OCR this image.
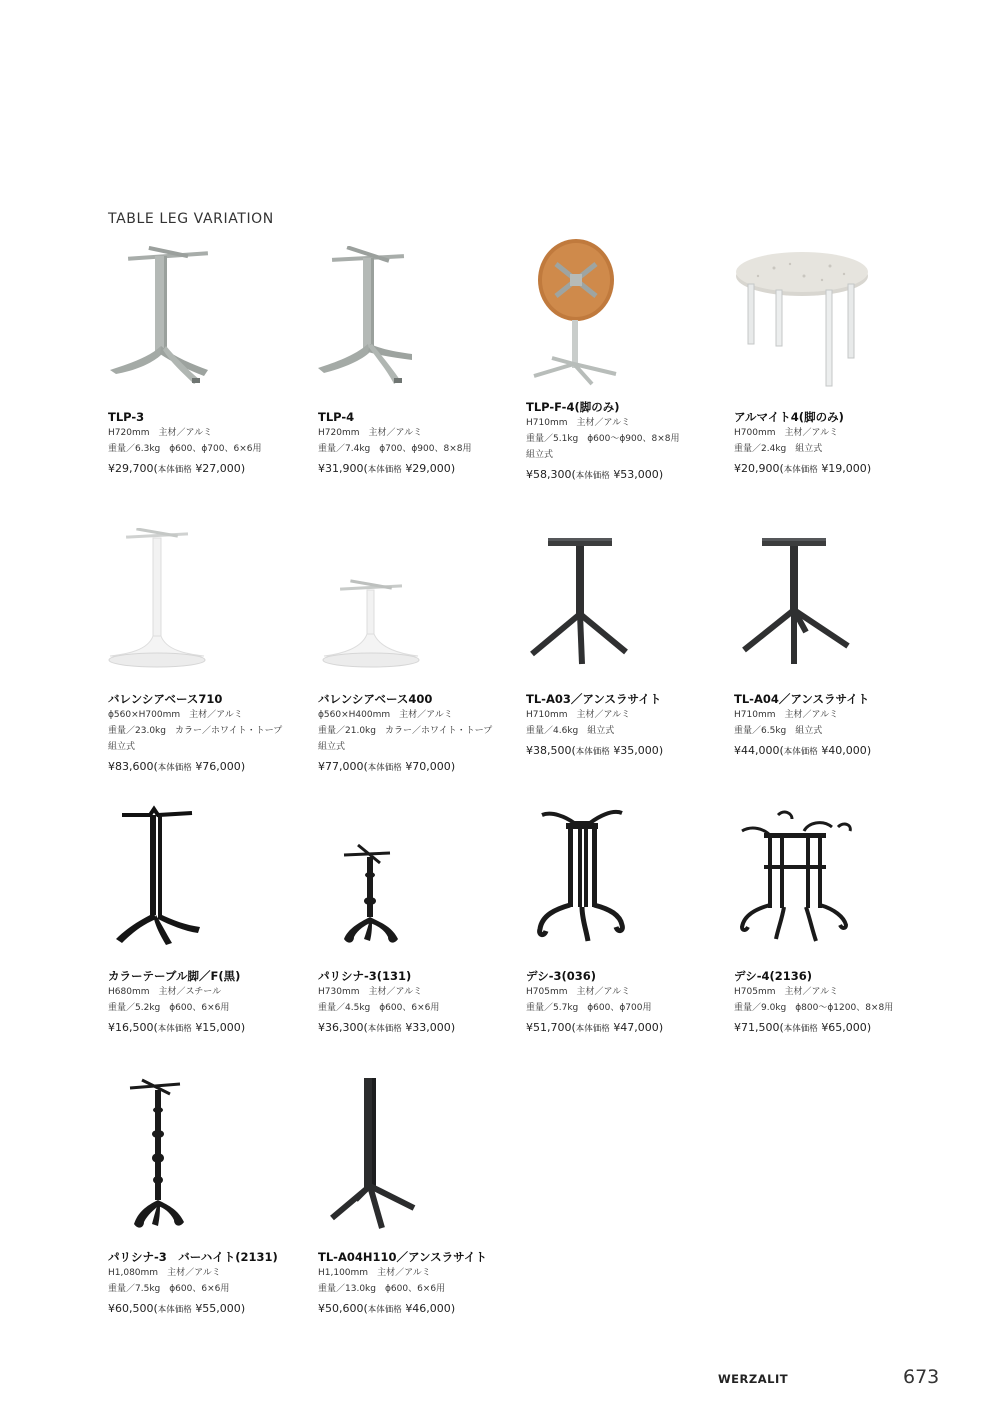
TABLE LEG VARIATION
TLP-3
H720mm　主材／アルミ
重量／6.3kg　ϕ600、ϕ700、6×6用
¥29,700(本体価格 ¥27,000)
TLP-4
H720mm　主材／アルミ
重量／7.4kg　ϕ700、ϕ900、8×8用
¥31,900(本体価格 ¥29,000)
TLP-F-4(脚のみ)
H710mm　主材／アルミ
重量／5.1kg　ϕ600〜ϕ900、8×8用
組立式
¥58,300(本体価格 ¥53,000)
アルマイト4(脚のみ)
H700mm　主材／アルミ
重量／2.4kg　組立式
¥20,900(本体価格 ¥19,000)
バレンシアベース710
ϕ560×H700mm　主材／アルミ
重量／23.0kg　カラー／ホワイト・トープ
組立式
¥83,600(本体価格 ¥76,000)
バレンシアベース400
ϕ560×H400mm　主材／アルミ
重量／21.0kg　カラー／ホワイト・トープ
組立式
¥77,000(本体価格 ¥70,000)
TL-A03／アンスラサイト
H710mm　主材／アルミ
重量／4.6kg　組立式
¥38,500(本体価格 ¥35,000)
TL-A04／アンスラサイト
H710mm　主材／アルミ
重量／6.5kg　組立式
¥44,000(本体価格 ¥40,000)
カラーテーブル脚／F(黒)
H680mm　主材／スチール
重量／5.2kg　ϕ600、6×6用
¥16,500(本体価格 ¥15,000)
パリシナ-3(131)
H730mm　主材／アルミ
重量／4.5kg　ϕ600、6×6用
¥36,300(本体価格 ¥33,000)
デシ-3(036)
H705mm　主材／アルミ
重量／5.7kg　ϕ600、ϕ700用
¥51,700(本体価格 ¥47,000)
デシ-4(2136)
H705mm　主材／アルミ
重量／9.0kg　ϕ800〜ϕ1200、8×8用
¥71,500(本体価格 ¥65,000)
パリシナ-3　バーハイト(2131)
H1,080mm　主材／アルミ
重量／7.5kg　ϕ600、6×6用
¥60,500(本体価格 ¥55,000)
TL-A04H110／アンスラサイト
H1,100mm　主材／アルミ
重量／13.0kg　ϕ600、6×6用
¥50,600(本体価格 ¥46,000)
WERZALIT	673
